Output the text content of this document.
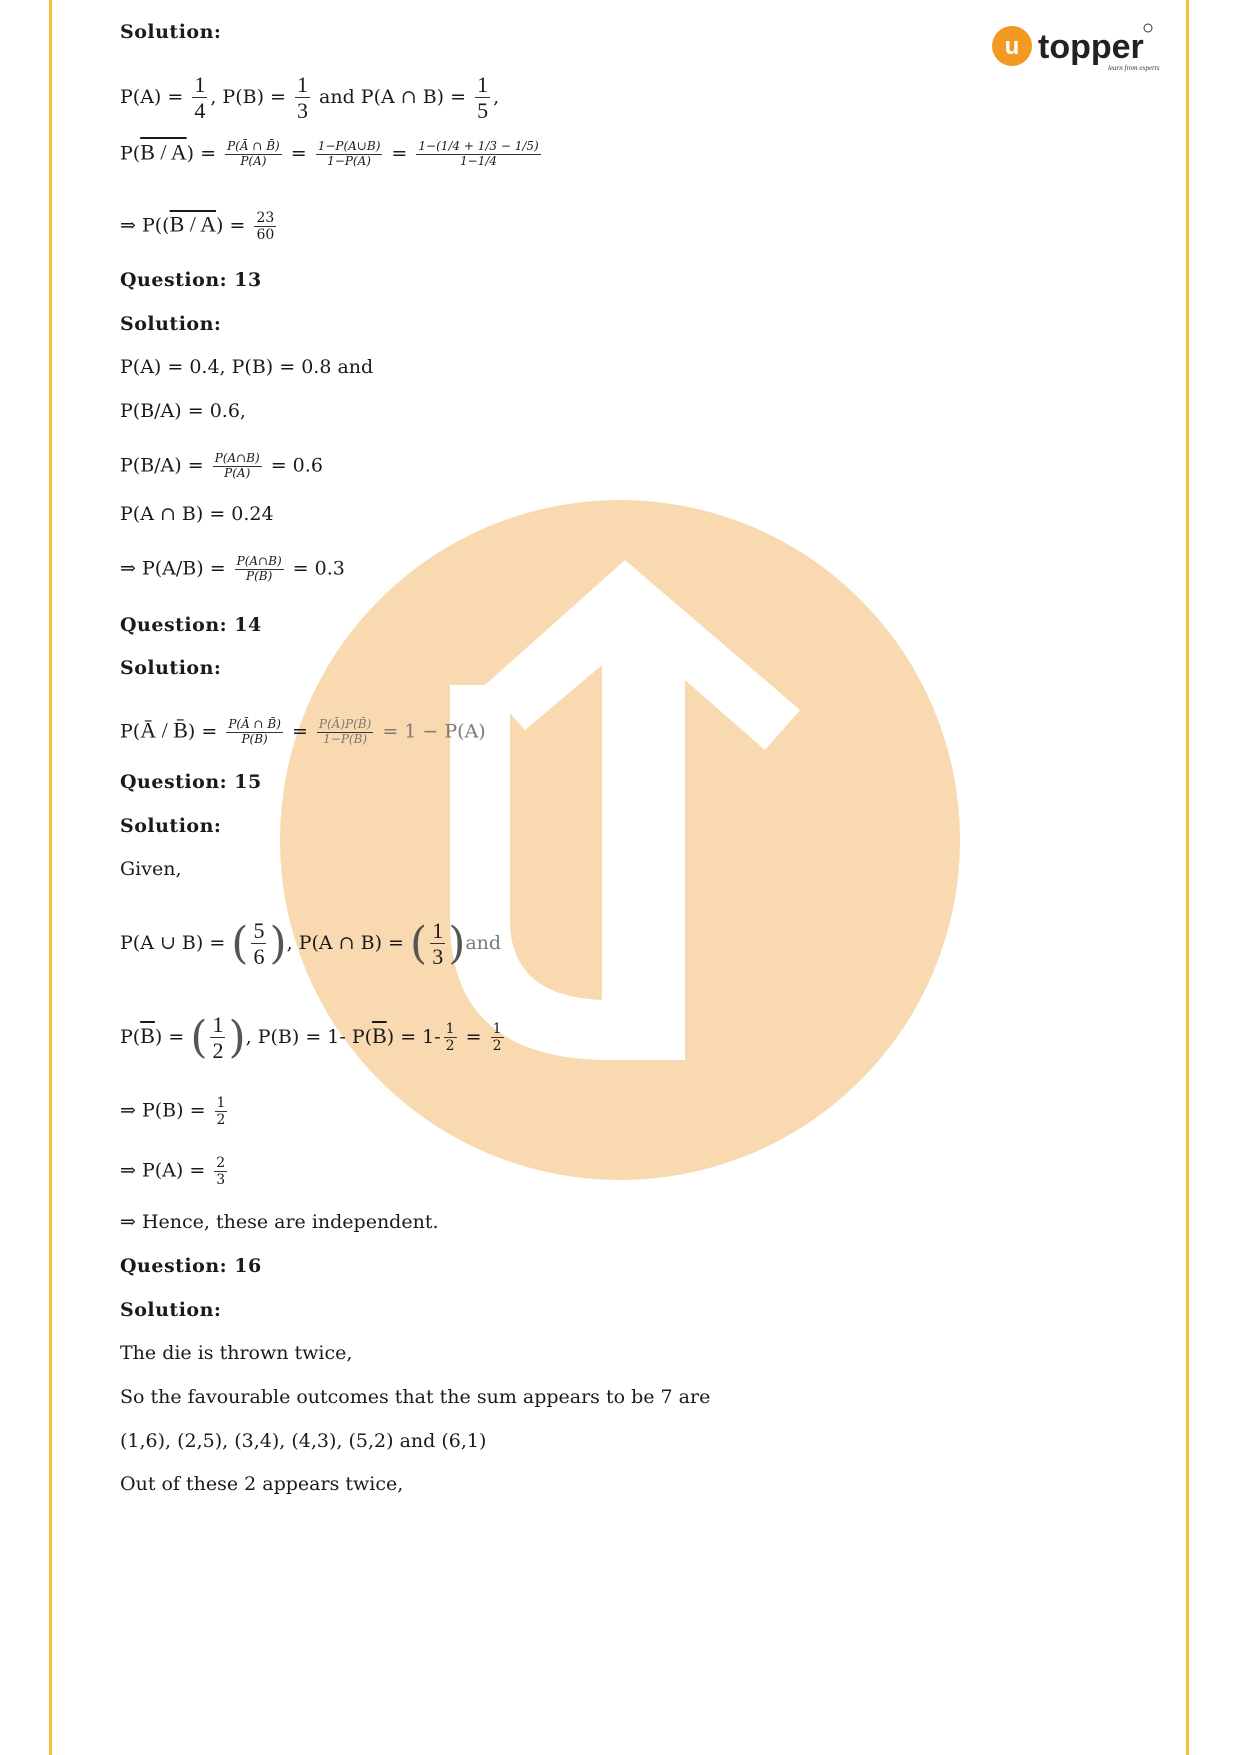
u topper
learn from experts
Solution:
$P(A) = \frac{1}{4}$ , $P(B) = \frac{1}{3}$ and P(A ∩ $B) = \frac{1}{5}$ ,
$P(B / A) = \frac{P(Ā \cap B̄)}{P(Ā)} = \frac{1-P(A\cup B)}{1-P(A)} = \frac{1-(1/4 + 1/3 - 1/5)}{1-1/4}$
⇒ $P((B / A) = \frac{23}{60}$
Question: 13
Solution:
P(A) = 0.4, P(B) = 0.8 and
P(B/A) = 0.6,
$P(B/A) = \frac{P(A\cap B)}{P(A)} = 0.6$
P(A ∩ B) = 0.24
⇒ $P(A/B) = \frac{P(A\cap B)}{P(B)} = 0.3$
Question: 14
Solution:
P(Ā / B̄) = $\frac{P(Ā \cap B̄)}{P(B̄)} = \frac{P(Ā)P(B̄)}{1-P(B)} = 1 - P(A)$
Question: 15
Solution:
Given,
P(A ∪ B) = ( $\frac{5}{6}$ ), P(A ∩ B) = ( $\frac{1}{3} )and$
$P(\overline{B})$ = ( $\frac{1}{2}$ ), P(B) = 1- $P(\overline{B}) = 1- \frac{1}{2} = \frac{1}{2}$
⇒ $P(B) = \frac{1}{2}$
⇒ $P(A) = \frac{2}{3}$
⇒ Hence, these are independent.
Question: 16
Solution:
The die is thrown twice,
So the favourable outcomes that the sum appears to be 7 are
(1,6), (2,5), (3,4), (4,3), (5,2) and (6,1)
Out of these 2 appears twice,
